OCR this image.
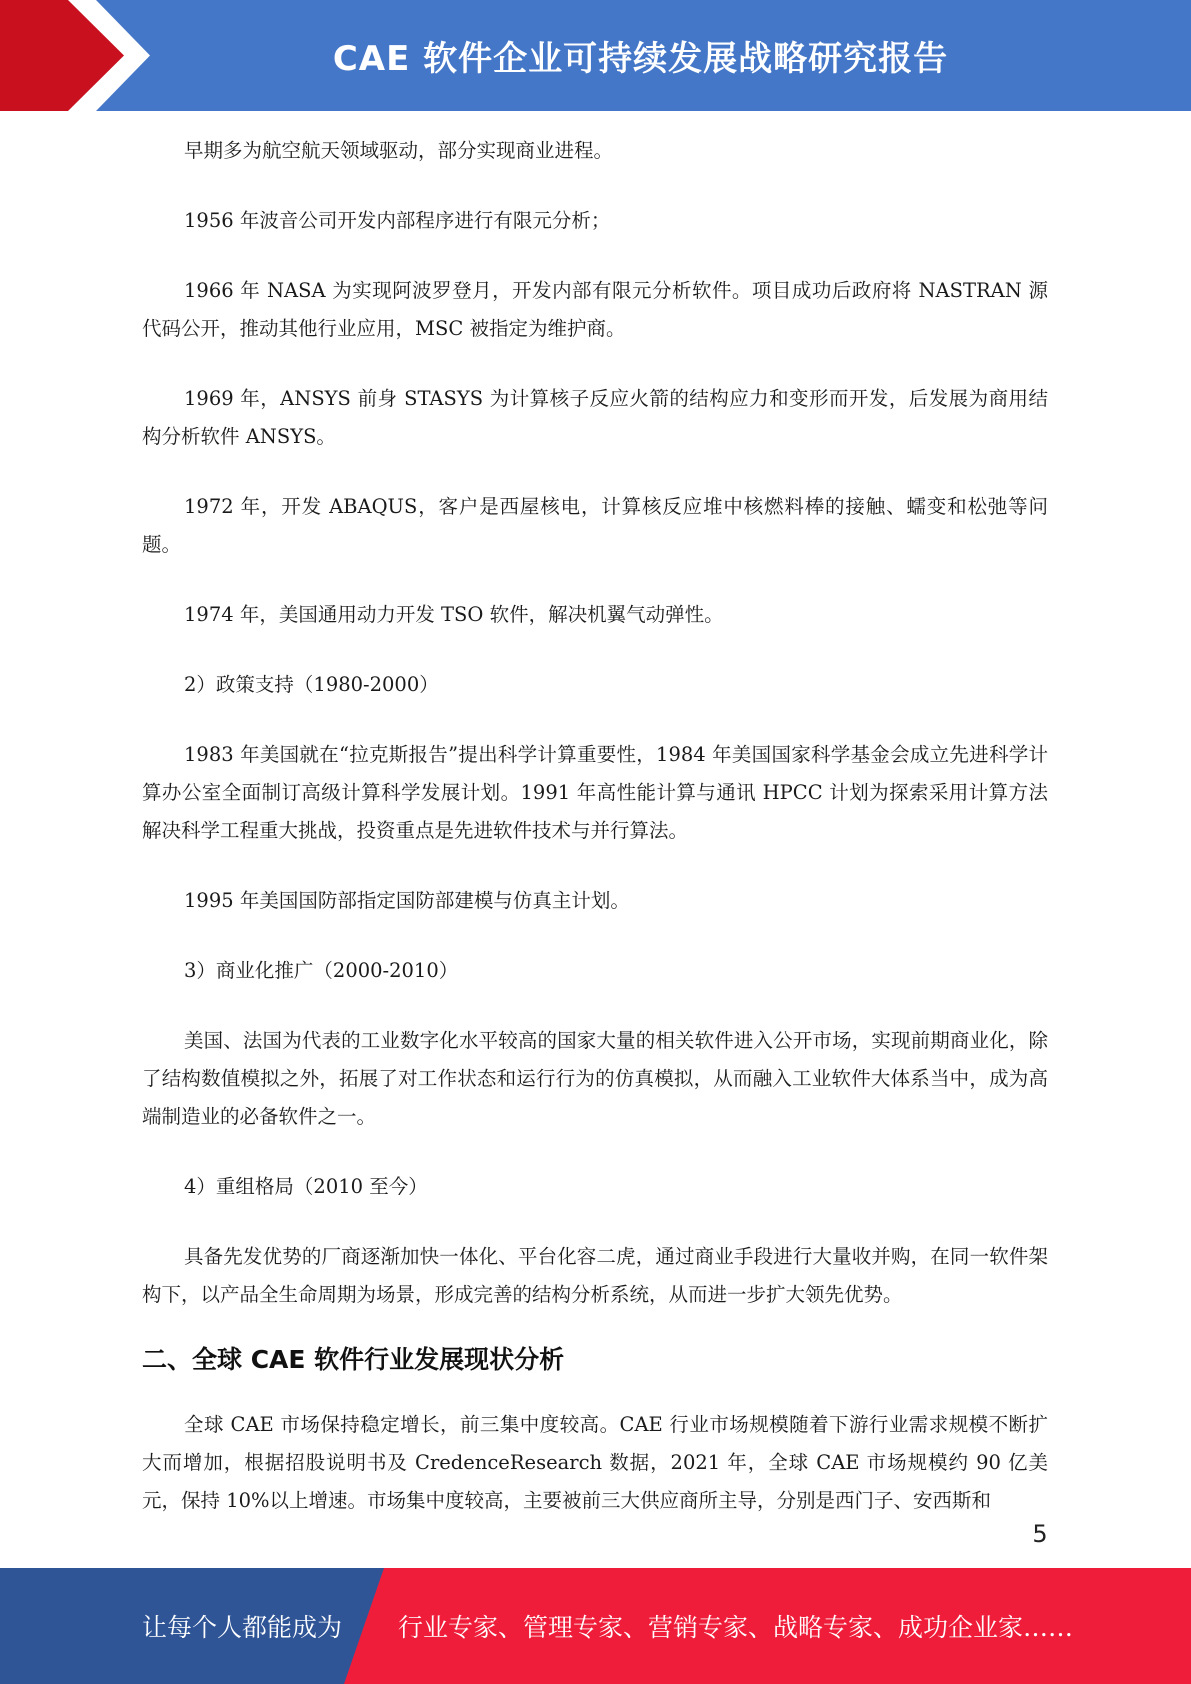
CAE 软件企业可持续发展战略研究报告

早期多为航空航天领域驱动，部分实现商业进程。

1956 年波音公司开发内部程序进行有限元分析；

1966 年 NASA 为实现阿波罗登月，开发内部有限元分析软件。项目成功后政府将 NASTRAN 源代码公开，推动其他行业应用，MSC 被指定为维护商。

1969 年，ANSYS 前身 STASYS 为计算核子反应火箭的结构应力和变形而开发，后发展为商用结构分析软件 ANSYS。

1972 年，开发 ABAQUS，客户是西屋核电，计算核反应堆中核燃料棒的接触、蠕变和松弛等问题。

1974 年，美国通用动力开发 TSO 软件，解决机翼气动弹性。

2）政策支持（1980-2000）

1983 年美国就在“拉克斯报告”提出科学计算重要性，1984 年美国国家科学基金会成立先进科学计算办公室全面制订高级计算科学发展计划。1991 年高性能计算与通讯 HPCC 计划为探索采用计算方法解决科学工程重大挑战，投资重点是先进软件技术与并行算法。

1995 年美国国防部指定国防部建模与仿真主计划。

3）商业化推广（2000-2010）

美国、法国为代表的工业数字化水平较高的国家大量的相关软件进入公开市场，实现前期商业化，除了结构数值模拟之外，拓展了对工作状态和运行行为的仿真模拟，从而融入工业软件大体系当中，成为高端制造业的必备软件之一。

4）重组格局（2010 至今）

具备先发优势的厂商逐渐加快一体化、平台化容二虎，通过商业手段进行大量收并购，在同一软件架构下，以产品全生命周期为场景，形成完善的结构分析系统，从而进一步扩大领先优势。

二、全球 CAE 软件行业发展现状分析

全球 CAE 市场保持稳定增长，前三集中度较高。CAE 行业市场规模随着下游行业需求规模不断扩大而增加，根据招股说明书及 CredenceResearch 数据，2021 年，全球 CAE 市场规模约 90 亿美元，保持 10%以上增速。市场集中度较高，主要被前三大供应商所主导，分别是西门子、安西斯和

5
让每个人都能成为 行业专家、管理专家、营销专家、战略专家、成功企业家……
